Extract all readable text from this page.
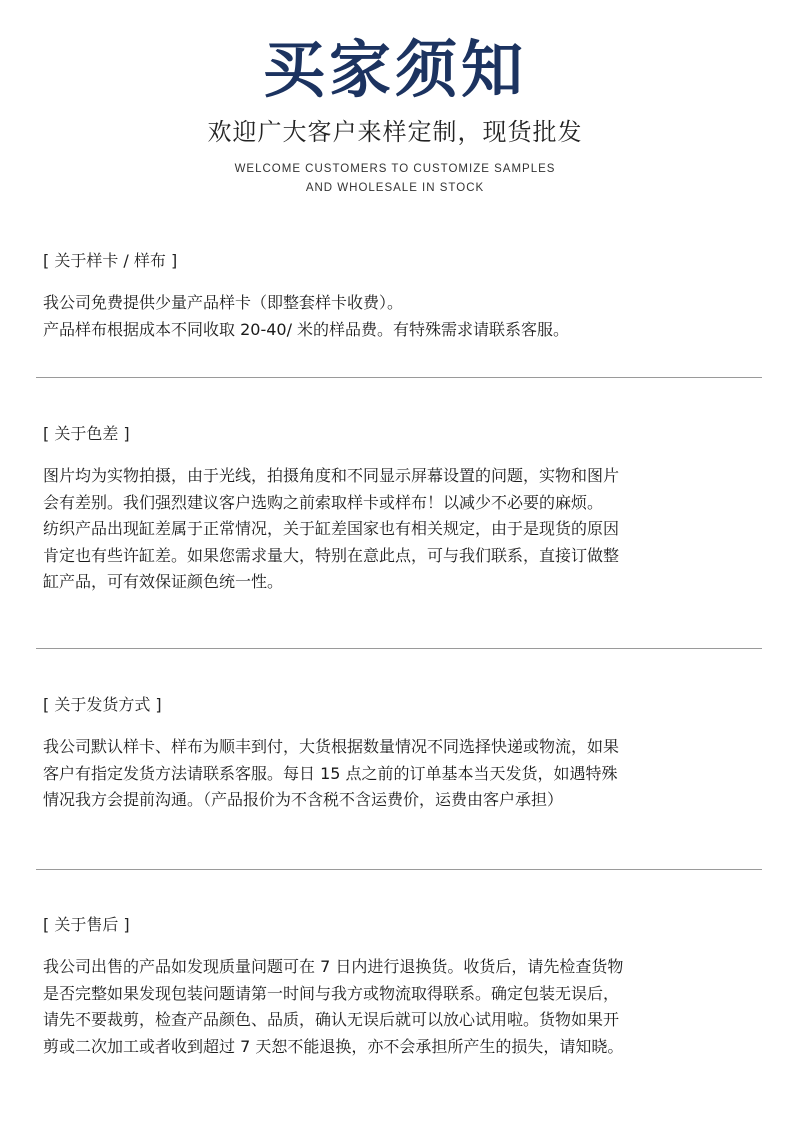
买家须知
欢迎广大客户来样定制，现货批发
WELCOME CUSTOMERS TO CUSTOMIZE SAMPLES
AND WHOLESALE IN STOCK
[ 关于样卡 / 样布 ]
我公司免费提供少量产品样卡（即整套样卡收费）。
产品样布根据成本不同收取 20-40/ 米的样品费。有特殊需求请联系客服。
[ 关于色差 ]
图片均为实物拍摄，由于光线，拍摄角度和不同显示屏幕设置的问题，实物和图片
会有差别。我们强烈建议客户选购之前索取样卡或样布！以减少不必要的麻烦。
纺织产品出现缸差属于正常情况，关于缸差国家也有相关规定，由于是现货的原因
肯定也有些许缸差。如果您需求量大，特别在意此点，可与我们联系，直接订做整
缸产品，可有效保证颜色统一性。
[ 关于发货方式 ]
我公司默认样卡、样布为顺丰到付，大货根据数量情况不同选择快递或物流，如果
客户有指定发货方法请联系客服。每日 15 点之前的订单基本当天发货，如遇特殊
情况我方会提前沟通。（产品报价为不含税不含运费价，运费由客户承担）
[ 关于售后 ]
我公司出售的产品如发现质量问题可在 7 日内进行退换货。收货后，请先检查货物
是否完整如果发现包装问题请第一时间与我方或物流取得联系。确定包装无误后，
请先不要裁剪，检查产品颜色、品质，确认无误后就可以放心试用啦。货物如果开
剪或二次加工或者收到超过 7 天恕不能退换，亦不会承担所产生的损失，请知晓。
